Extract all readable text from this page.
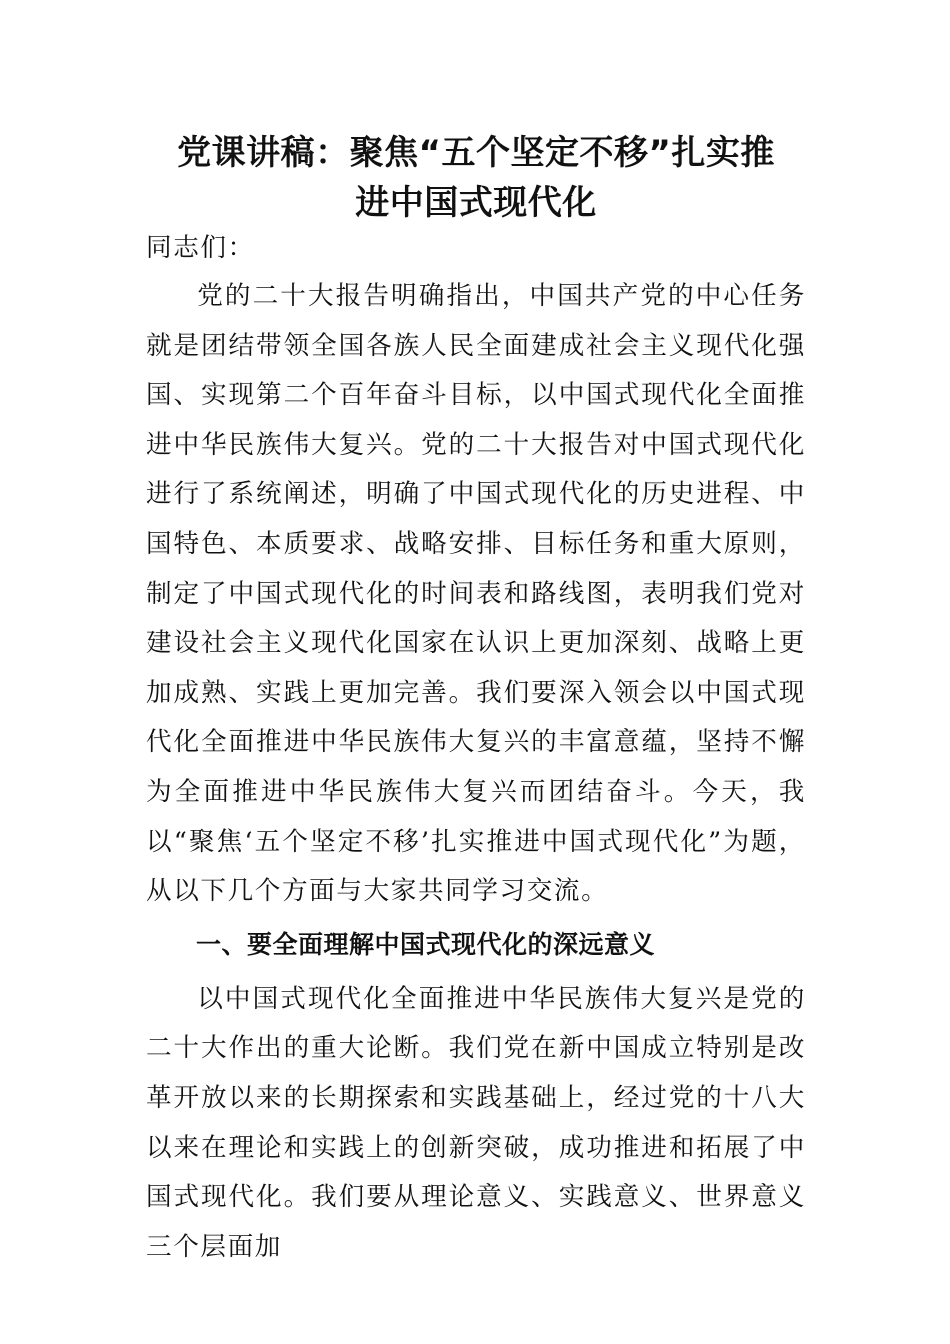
党课讲稿：聚焦“五个坚定不移”扎实推
进中国式现代化

同志们：

党的二十大报告明确指出，中国共产党的中心任务就是团结带领全国各族人民全面建成社会主义现代化强国、实现第二个百年奋斗目标，以中国式现代化全面推进中华民族伟大复兴。党的二十大报告对中国式现代化进行了系统阐述，明确了中国式现代化的历史进程、中国特色、本质要求、战略安排、目标任务和重大原则，制定了中国式现代化的时间表和路线图，表明我们党对建设社会主义现代化国家在认识上更加深刻、战略上更加成熟、实践上更加完善。我们要深入领会以中国式现代化全面推进中华民族伟大复兴的丰富意蕴，坚持不懈为全面推进中华民族伟大复兴而团结奋斗。今天，我以“聚焦‘五个坚定不移’扎实推进中国式现代化”为题，从以下几个方面与大家共同学习交流。

一、要全面理解中国式现代化的深远意义

以中国式现代化全面推进中华民族伟大复兴是党的二十大作出的重大论断。我们党在新中国成立特别是改革开放以来的长期探索和实践基础上，经过党的十八大以来在理论和实践上的创新突破，成功推进和拓展了中国式现代化。我们要从理论意义、实践意义、世界意义三个层面加
